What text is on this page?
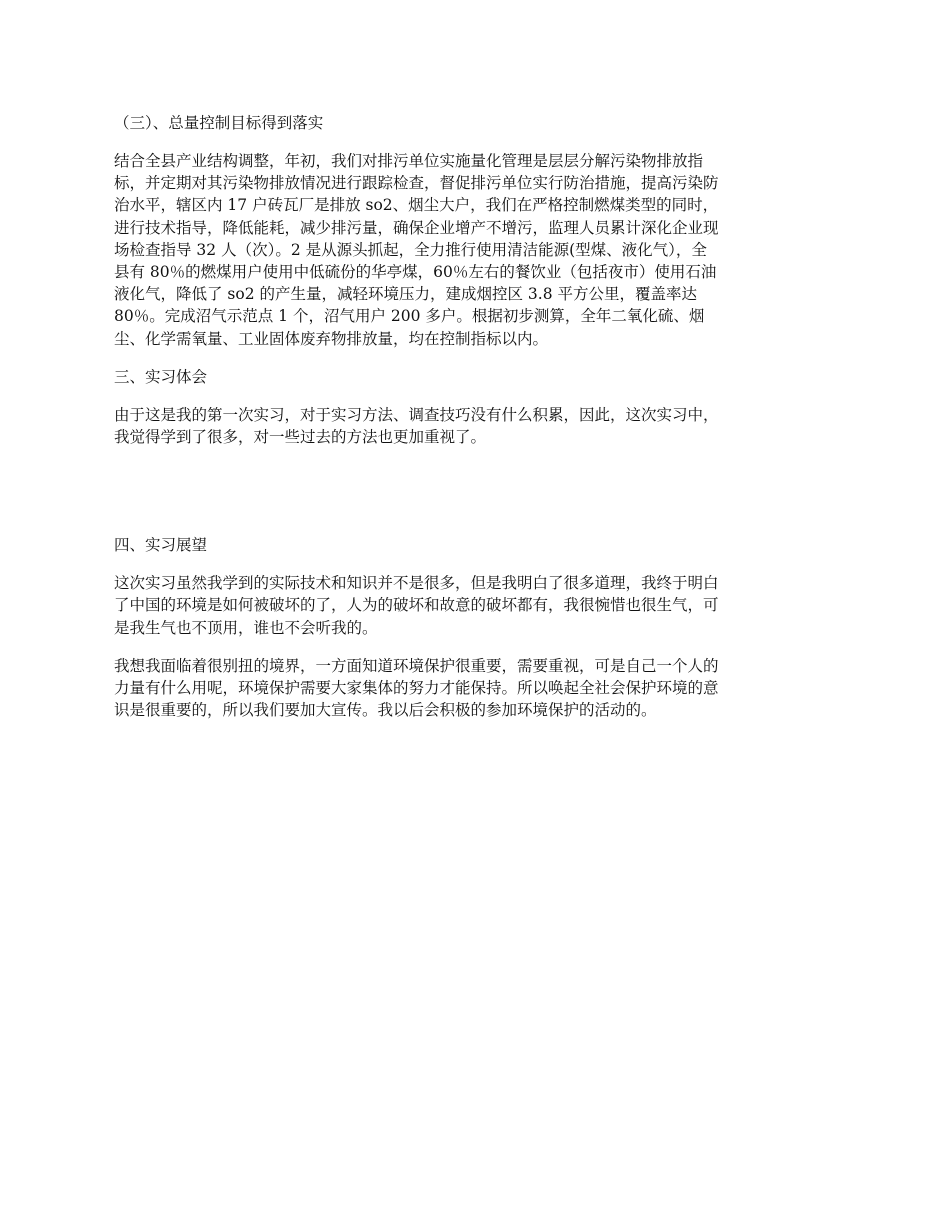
（三）、总量控制目标得到落实
结合全县产业结构调整，年初，我们对排污单位实施量化管理是层层分解污染物排放指
标，并定期对其污染物排放情况进行跟踪检查，督促排污单位实行防治措施，提高污染防
治水平，辖区内 17 户砖瓦厂是排放 so2、烟尘大户，我们在严格控制燃煤类型的同时，
进行技术指导，降低能耗，减少排污量，确保企业增产不增污，监理人员累计深化企业现
场检查指导 32 人（次）。2 是从源头抓起，全力推行使用清洁能源(型煤、液化气），全
县有 80％的燃煤用户使用中低硫份的华亭煤，60％左右的餐饮业（包括夜市）使用石油
液化气，降低了 so2 的产生量，减轻环境压力，建成烟控区 3.8 平方公里，覆盖率达
80％。完成沼气示范点 1 个，沼气用户 200 多户。根据初步测算，全年二氧化硫、烟
尘、化学需氧量、工业固体废弃物排放量，均在控制指标以内。
三、实习体会
由于这是我的第一次实习，对于实习方法、调查技巧没有什么积累，因此，这次实习中，
我觉得学到了很多，对一些过去的方法也更加重视了。
四、实习展望
这次实习虽然我学到的实际技术和知识并不是很多，但是我明白了很多道理，我终于明白
了中国的环境是如何被破坏的了，人为的破坏和故意的破坏都有，我很惋惜也很生气，可
是我生气也不顶用，谁也不会听我的。
我想我面临着很别扭的境界，一方面知道环境保护很重要，需要重视，可是自己一个人的
力量有什么用呢，环境保护需要大家集体的努力才能保持。所以唤起全社会保护环境的意
识是很重要的，所以我们要加大宣传。我以后会积极的参加环境保护的活动的。
